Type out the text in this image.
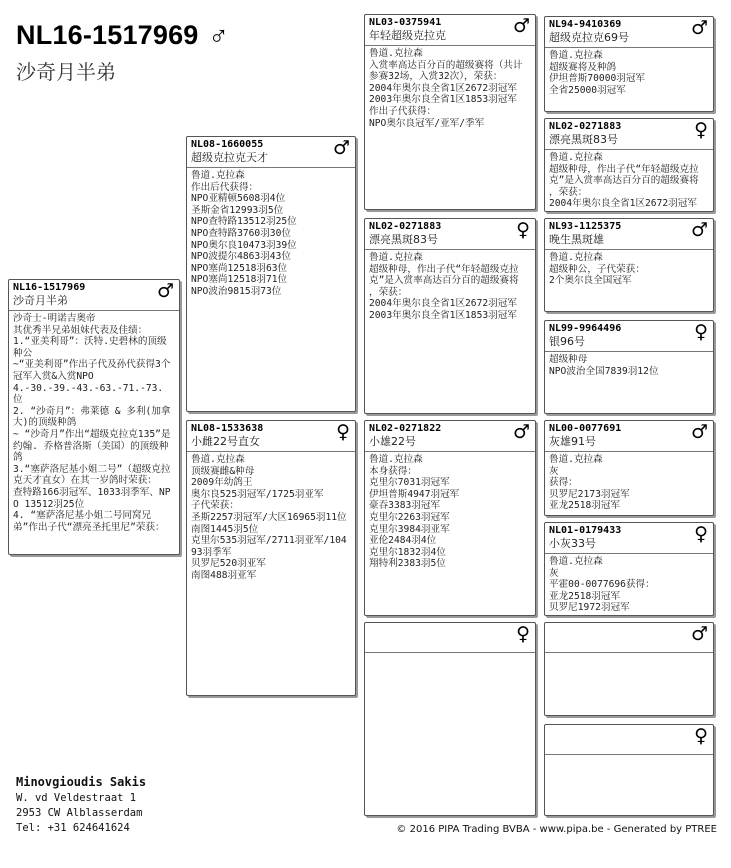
NL16-1517969 ♂
沙奇月半弟
NL16-1517969
沙奇月半弟	♂
沙奇士-明诺吉奥帝
其优秀半兄弟姐妹代表及佳绩：
1.“亚美利哥”：沃特.史碧林的顶级种公
~“亚美利哥”作出子代及孙代获得3个冠军入赏&入赏NPO
4.-30.-39.-43.-63.-71.-73. 位
2. “沙奇月”：弗莱德 & 多利(加拿大)的顶级种鸽
~ “沙奇月”作出“超级克拉克135”是约翰. 乔格普洛斯（美国）的顶级种鸽
3.“塞萨洛尼基小姐二号”（超级克拉克天才直女）在其一岁鸽时荣获：
查特路166羽冠军、1033羽季军、NPO 13512羽25位
4. “塞萨洛尼基小姐二号同窝兄弟”作出子代“漂亮圣托里尼”荣获：
NL08-1660055
超级克拉克天才	♂
鲁道.克拉森
作出后代获得：
NPO亚精顿5608羽4位
圣斯金省12993羽5位
NPO查特路13512羽25位
NPO查特路3760羽30位
NPO奥尔良10473羽39位
NPO波提尔4863羽43位
NPO塞尚12518羽63位
NPO塞尚12518羽71位
NPO波治9815羽73位
NL08-1533638
小雌22号直女	♀
鲁道.克拉森
顶级赛雌&种母
2009年幼鸽王
奥尔良525羽冠军/1725羽亚军
子代荣获：
圣斯2257羽冠军/大区16965羽11位
南图1445羽5位
克里尔535羽冠军/2711羽亚军/10493羽季军
贝罗尼520羽亚军
南图488羽亚军
NL03-0375941
年轻超级克拉克	♂
鲁道.克拉森
入赏率高达百分百的超级赛将（共计参赛32场，入赏32次），荣获：
2004年奥尔良全省1区2672羽冠军
2003年奥尔良全省1区1853羽冠军
作出子代获得：
NPO奥尔良冠军/亚军/季军
NL02-0271883
漂亮黑斑83号	♀
鲁道.克拉森
超级种母，作出子代“年轻超级克拉克”是入赏率高达百分百的超级赛将 ，荣获：
2004年奥尔良全省1区2672羽冠军
2003年奥尔良全省1区1853羽冠军
NL02-0271822
小雄22号	♂
鲁道.克拉森
本身获得：
克里尔7031羽冠军
伊坦普斯4947羽冠军
豪吞3383羽冠军
克里尔2263羽冠军
克里尔3984羽亚军
亚伦2484羽4位
克里尔1832羽4位
翔特利2383羽5位
♀
NL94-9410369
超级克拉克69号	♂
鲁道.克拉森
超级赛将及种鸽
伊坦普斯70000羽冠军
全省25000羽冠军
NL02-0271883
漂亮黑斑83号	♀
鲁道.克拉森
超级种母，作出子代“年轻超级克拉克”是入赏率高达百分百的超级赛将 ，荣获：
2004年奥尔良全省1区2672羽冠军
NL93-1125375
晚生黑斑雄	♂
鲁道.克拉森
超级种公，子代荣获：
2个奥尔良全国冠军
NL99-9964496
银96号	♀
超级种母
NPO波治全国7839羽12位
NL00-0077691
灰雄91号	♂
鲁道.克拉森
灰
获得：
贝罗尼2173羽冠军
亚龙2518羽冠军
NL01-0179433
小灰33号	♀
鲁道.克拉森
灰
平霍00-0077696获得：
亚龙2518羽冠军
贝罗尼1972羽冠军
♂
♀
Minovgioudis Sakis
W. vd Veldestraat 1
2953 CW Alblasserdam
Tel: +31 624641624	© 2016 PIPA Trading BVBA - www.pipa.be - Generated by PTREE
